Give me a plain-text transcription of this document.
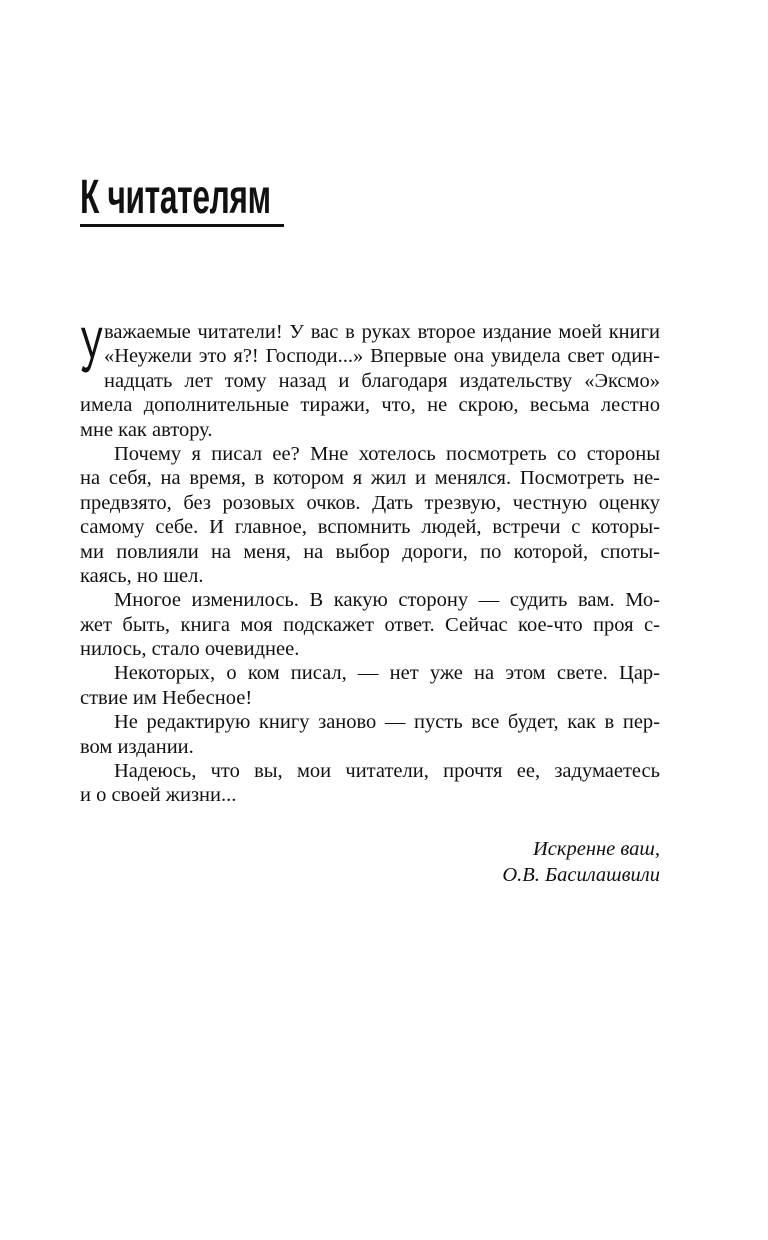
К читателям
У важаемые читатели! У вас в руках второе издание моей книги
«Неужели это я?! Господи...» Впервые она увидела свет один-
надцать лет тому назад и благодаря издательству «Эксмо»
имела дополнительные тиражи, что, не скрою, весьма лестно
мне как автору.
Почему я писал ее? Мне хотелось посмотреть со стороны
на себя, на время, в котором я жил и менялся. Посмотреть не-
предвзято, без розовых очков. Дать трезвую, честную оценку
самому себе. И главное, вспомнить людей, встречи с которы-
ми повлияли на меня, на выбор дороги, по которой, споты-
каясь, но шел.
Многое изменилось. В какую сторону — судить вам. Мо-
жет быть, книга моя подскажет ответ. Сейчас кое-что проя с-
нилось, стало очевиднее.
Некоторых, о ком писал, — нет уже на этом свете. Цар-
ствие им Небесное!
Не редактирую книгу заново — пусть все будет, как в пер-
вом издании.
Надеюсь, что вы, мои читатели, прочтя ее, задумаетесь
и о своей жизни...
Искренне ваш,
О.В. Басилашвили
